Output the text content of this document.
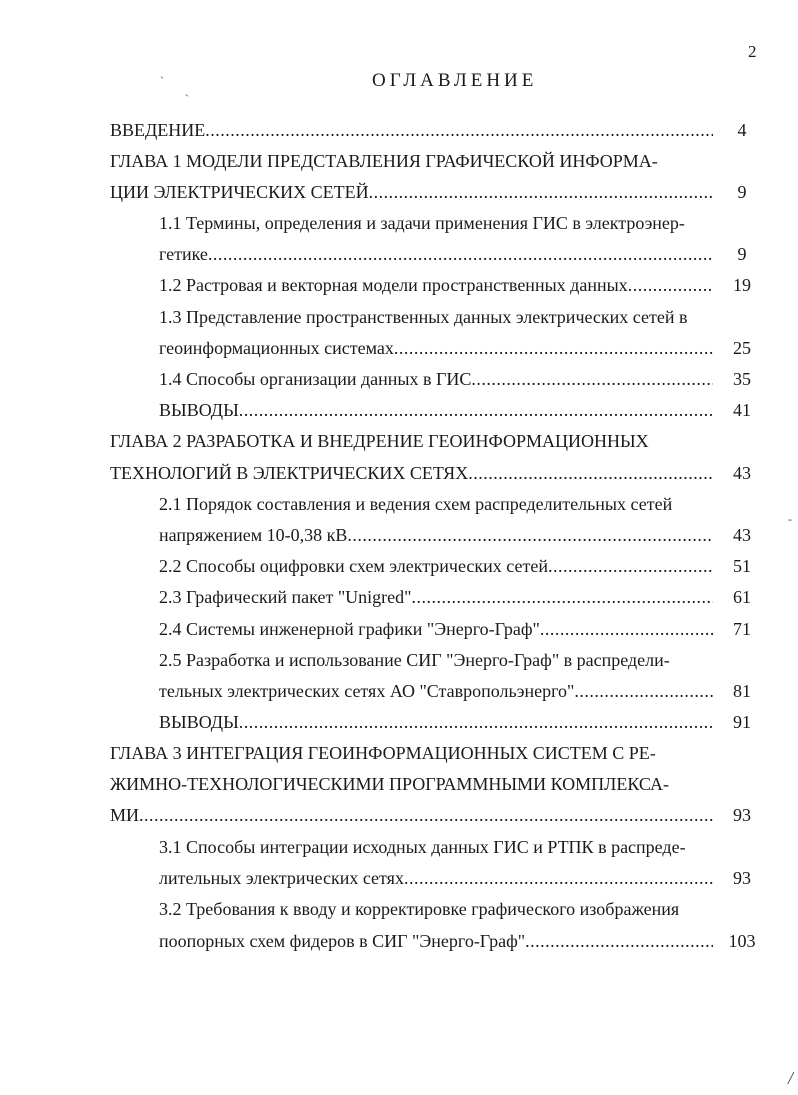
2
ОГЛАВЛЕНИЕ
ˋ
ˋ
-
/
ВВЕДЕНИЕ .....	4
ГЛАВА 1 МОДЕЛИ ПРЕДСТАВЛЕНИЯ ГРАФИЧЕСКОЙ ИНФОРМА-
ЦИИ ЭЛЕКТРИЧЕСКИХ СЕТЕЙ .....	9
1.1 Термины, определения и задачи применения ГИС в электроэнер-
гетике .....	9
1.2 Растровая и векторная модели пространственных данных .....	19
1.3 Представление пространственных данных электрических сетей в
геоинформационных системах .....	25
1.4 Способы организации данных в ГИС .....	35
ВЫВОДЫ .....	41
ГЛАВА 2 РАЗРАБОТКА И ВНЕДРЕНИЕ ГЕОИНФОРМАЦИОННЫХ
ТЕХНОЛОГИЙ В ЭЛЕКТРИЧЕСКИХ СЕТЯХ .....	43
2.1 Порядок составления и ведения схем распределительных сетей
напряжением 10-0,38 кВ .....	43
2.2 Способы оцифровки схем электрических сетей .....	51
2.3 Графический пакет "Unigred" .....	61
2.4 Системы инженерной графики "Энерго-Граф" .....	71
2.5 Разработка и использование СИГ "Энерго-Граф" в распредели-
тельных электрических сетях АО "Ставропольэнерго" .....	81
ВЫВОДЫ .....	91
ГЛАВА 3 ИНТЕГРАЦИЯ ГЕОИНФОРМАЦИОННЫХ СИСТЕМ С РЕ-
ЖИМНО-ТЕХНОЛОГИЧЕСКИМИ ПРОГРАММНЫМИ КОМПЛЕКСА-
МИ .....	93
3.1 Способы интеграции исходных данных ГИС и РТПК в распреде-
лительных электрических сетях .....	93
3.2 Требования к вводу и корректировке графического изображения
поопорных схем фидеров в СИГ "Энерго-Граф" .....	103
